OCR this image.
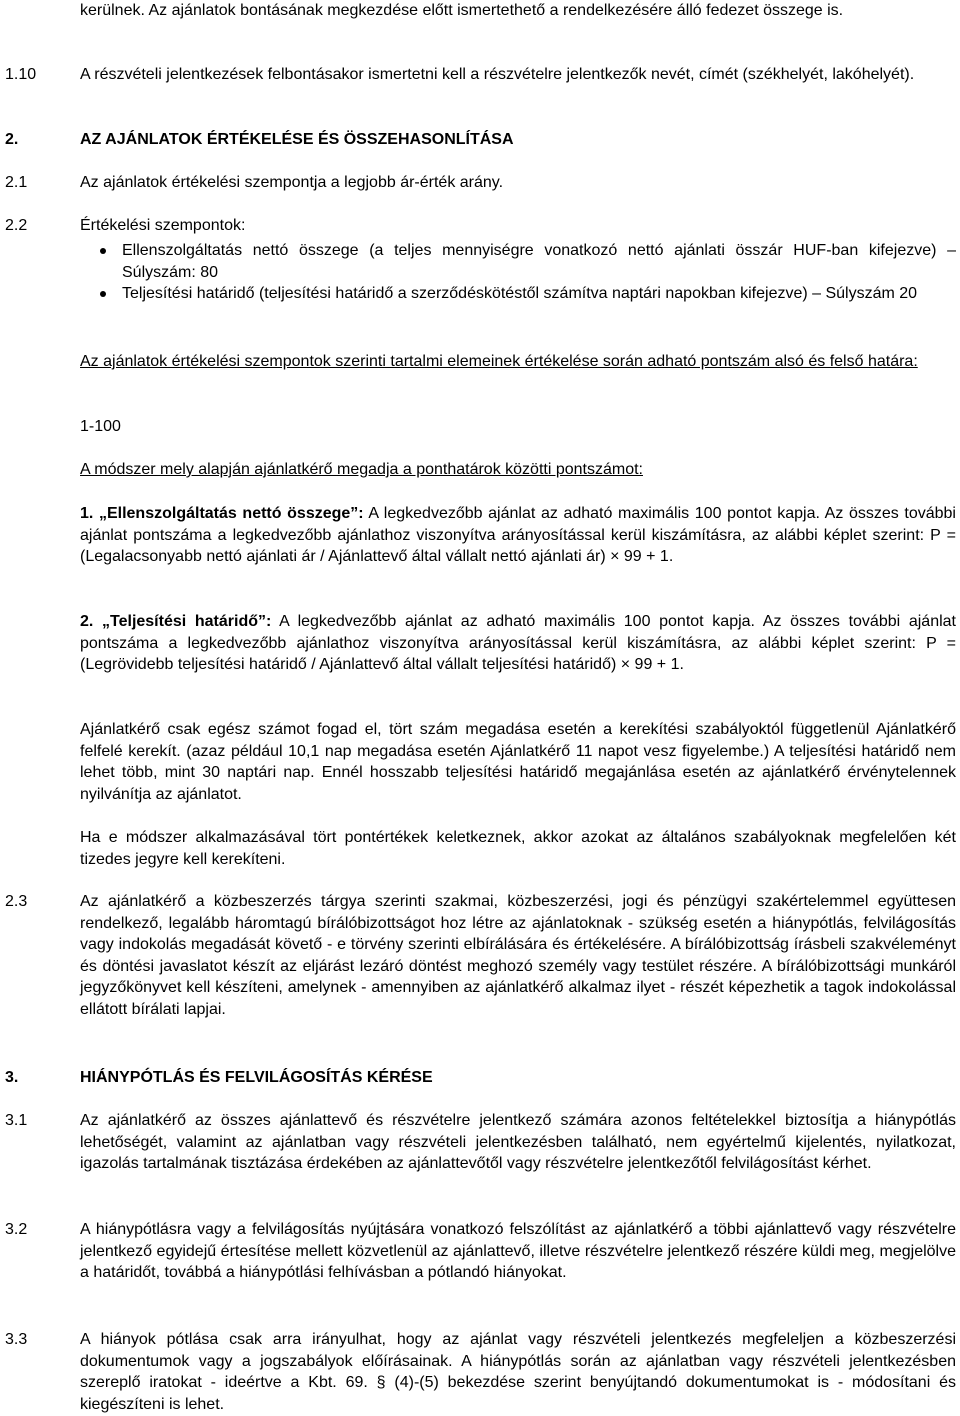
kerülnek. Az ajánlatok bontásának megkezdése előtt ismertethető a rendelkezésére álló fedezet összege is.

1.10	A részvételi jelentkezések felbontásakor ismertetni kell a részvételre jelentkezők nevét, címét (székhelyét, lakóhelyét).

2.	AZ AJÁNLATOK ÉRTÉKELÉSE ÉS ÖSSZEHASONLÍTÁSA

2.1	Az ajánlatok értékelési szempontja a legjobb ár-érték arány.

2.2	Értékelési szempontok:

Ellenszolgáltatás nettó összege (a teljes mennyiségre vonatkozó nettó ajánlati összár HUF-ban kifejezve) – Súlyszám: 80
Teljesítési határidő (teljesítési határidő a szerződéskötéstől számítva naptári napokban kifejezve) – Súlyszám 20

Az ajánlatok értékelési szempontok szerinti tartalmi elemeinek értékelése során adható pontszám alsó és felső határa:

1-100

A módszer mely alapján ajánlatkérő megadja a ponthatárok közötti pontszámot:

1. „Ellenszolgáltatás nettó összege”: A legkedvezőbb ajánlat az adható maximális 100 pontot kapja. Az összes további ajánlat pontszáma a legkedvezőbb ajánlathoz viszonyítva arányosítással kerül kiszámításra, az alábbi képlet szerint: P = (Legalacsonyabb nettó ajánlati ár / Ajánlattevő által vállalt nettó ajánlati ár) × 99 + 1.

2. „Teljesítési határidő”: A legkedvezőbb ajánlat az adható maximális 100 pontot kapja. Az összes további ajánlat pontszáma a legkedvezőbb ajánlathoz viszonyítva arányosítással kerül kiszámításra, az alábbi képlet szerint: P = (Legrövidebb teljesítési határidő / Ajánlattevő által vállalt teljesítési határidő) × 99 + 1.

Ajánlatkérő csak egész számot fogad el, tört szám megadása esetén a kerekítési szabályoktól függetlenül Ajánlatkérő felfelé kerekít. (azaz például 10,1 nap megadása esetén Ajánlatkérő 11 napot vesz figyelembe.) A teljesítési határidő nem lehet több, mint 30 naptári nap. Ennél hosszabb teljesítési határidő megajánlása esetén az ajánlatkérő érvénytelennek nyilvánítja az ajánlatot.

Ha e módszer alkalmazásával tört pontértékek keletkeznek, akkor azokat az általános szabályoknak megfelelően két tizedes jegyre kell kerekíteni.

2.3	Az ajánlatkérő a közbeszerzés tárgya szerinti szakmai, közbeszerzési, jogi és pénzügyi szakértelemmel együttesen rendelkező, legalább háromtagú bírálóbizottságot hoz létre az ajánlatoknak - szükség esetén a hiánypótlás, felvilágosítás vagy indokolás megadását követő - e törvény szerinti elbírálására és értékelésére. A bírálóbizottság írásbeli szakvéleményt és döntési javaslatot készít az eljárást lezáró döntést meghozó személy vagy testület részére. A bírálóbizottsági munkáról jegyzőkönyvet kell készíteni, amelynek - amennyiben az ajánlatkérő alkalmaz ilyet - részét képezhetik a tagok indokolással ellátott bírálati lapjai.

3.	HIÁNYPÓTLÁS ÉS FELVILÁGOSÍTÁS KÉRÉSE

3.1	Az ajánlatkérő az összes ajánlattevő és részvételre jelentkező számára azonos feltételekkel biztosítja a hiánypótlás lehetőségét, valamint az ajánlatban vagy részvételi jelentkezésben található, nem egyértelmű kijelentés, nyilatkozat, igazolás tartalmának tisztázása érdekében az ajánlattevőtől vagy részvételre jelentkezőtől felvilágosítást kérhet.

3.2	A hiánypótlásra vagy a felvilágosítás nyújtására vonatkozó felszólítást az ajánlatkérő a többi ajánlattevő vagy részvételre jelentkező egyidejű értesítése mellett közvetlenül az ajánlattevő, illetve részvételre jelentkező részére küldi meg, megjelölve a határidőt, továbbá a hiánypótlási felhívásban a pótlandó hiányokat.

3.3	A hiányok pótlása csak arra irányulhat, hogy az ajánlat vagy részvételi jelentkezés megfeleljen a közbeszerzési dokumentumok vagy a jogszabályok előírásainak. A hiánypótlás során az ajánlatban vagy részvételi jelentkezésben szereplő iratokat - ideértve a Kbt. 69. § (4)-(5) bekezdése szerint benyújtandó dokumentumokat is - módosítani és kiegészíteni is lehet.
